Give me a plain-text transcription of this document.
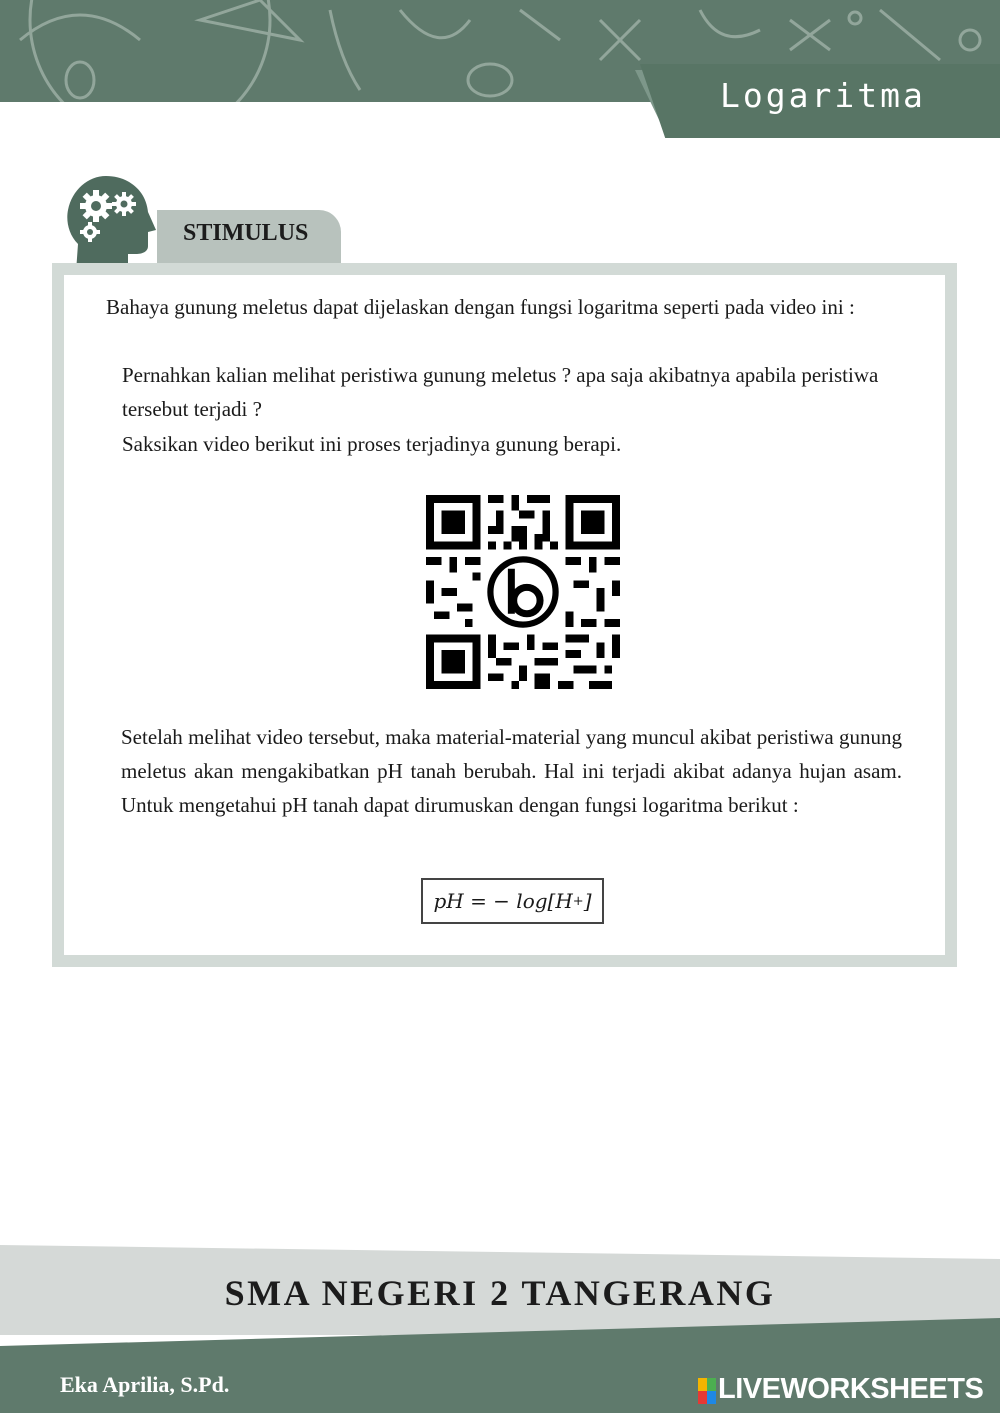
Logaritma
STIMULUS

Bahaya gunung meletus dapat dijelaskan dengan fungsi logaritma seperti pada video ini :

Pernahkan kalian melihat peristiwa gunung meletus ? apa saja akibatnya apabila peristiwa tersebut terjadi ?

Saksikan video berikut ini proses terjadinya gunung berapi.

Setelah melihat video tersebut, maka material-material yang muncul akibat peristiwa gunung meletus akan mengakibatkan pH tanah berubah. Hal ini terjadi akibat adanya hujan asam. Untuk mengetahui pH tanah dapat dirumuskan dengan fungsi logaritma berikut :

pH = − log[H + ]
SMA NEGERI 2 TANGERANG
Eka Aprilia, S.Pd.	LIVEWORKSHEETS
